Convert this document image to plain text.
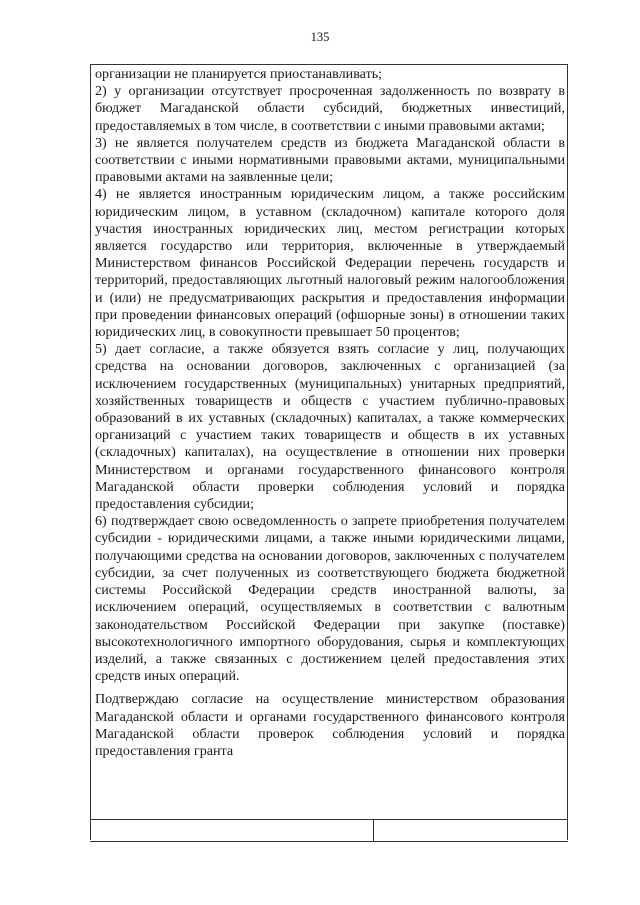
135

организации не планируется приостанавливать;

2) у организации отсутствует просроченная задолженность по возврату в бюджет Магаданской области субсидий, бюджетных инвестиций, предоставляемых в том числе, в соответствии с иными правовыми актами;

3) не является получателем средств из бюджета Магаданской области в соответствии с иными нормативными правовыми актами, муниципальными правовыми актами на заявленные цели;

4) не является иностранным юридическим лицом, а также российским юридическим лицом, в уставном (складочном) капитале которого доля участия иностранных юридических лиц, местом регистрации которых является государство или территория, включенные в утверждаемый Министерством финансов Российской Федерации перечень государств и территорий, предоставляющих льготный налоговый режим налогообложения и (или) не предусматривающих раскрытия и предоставления информации при проведении финансовых операций (офшорные зоны) в отношении таких юридических лиц, в совокупности превышает 50 процентов;

5) дает согласие, а также обязуется взять согласие у лиц, получающих средства на основании договоров, заключенных с организацией (за исключением государственных (муниципальных) унитарных предприятий, хозяйственных товариществ и обществ с участием публично-правовых образований в их уставных (складочных) капиталах, а также коммерческих организаций с участием таких товариществ и обществ в их уставных (складочных) капиталах), на осуществление в отношении них проверки Министерством и органами государственного финансового контроля Магаданской области проверки соблюдения условий и порядка предоставления субсидии;

6) подтверждает свою осведомленность о запрете приобретения получателем субсидии - юридическими лицами, а также иными юридическими лицами, получающими средства на основании договоров, заключенных с получателем субсидии, за счет полученных из соответствующего бюджета бюджетной системы Российской Федерации средств иностранной валюты, за исключением операций, осуществляемых в соответствии с валютным законодательством Российской Федерации при закупке (поставке) высокотехнологичного импортного оборудования, сырья и комплектующих изделий, а также связанных с достижением целей предоставления этих средств иных операций.

Подтверждаю согласие на осуществление министерством образования Магаданской области и органами государственного финансового контроля Магаданской области проверок соблюдения условий и порядка предоставления гранта
